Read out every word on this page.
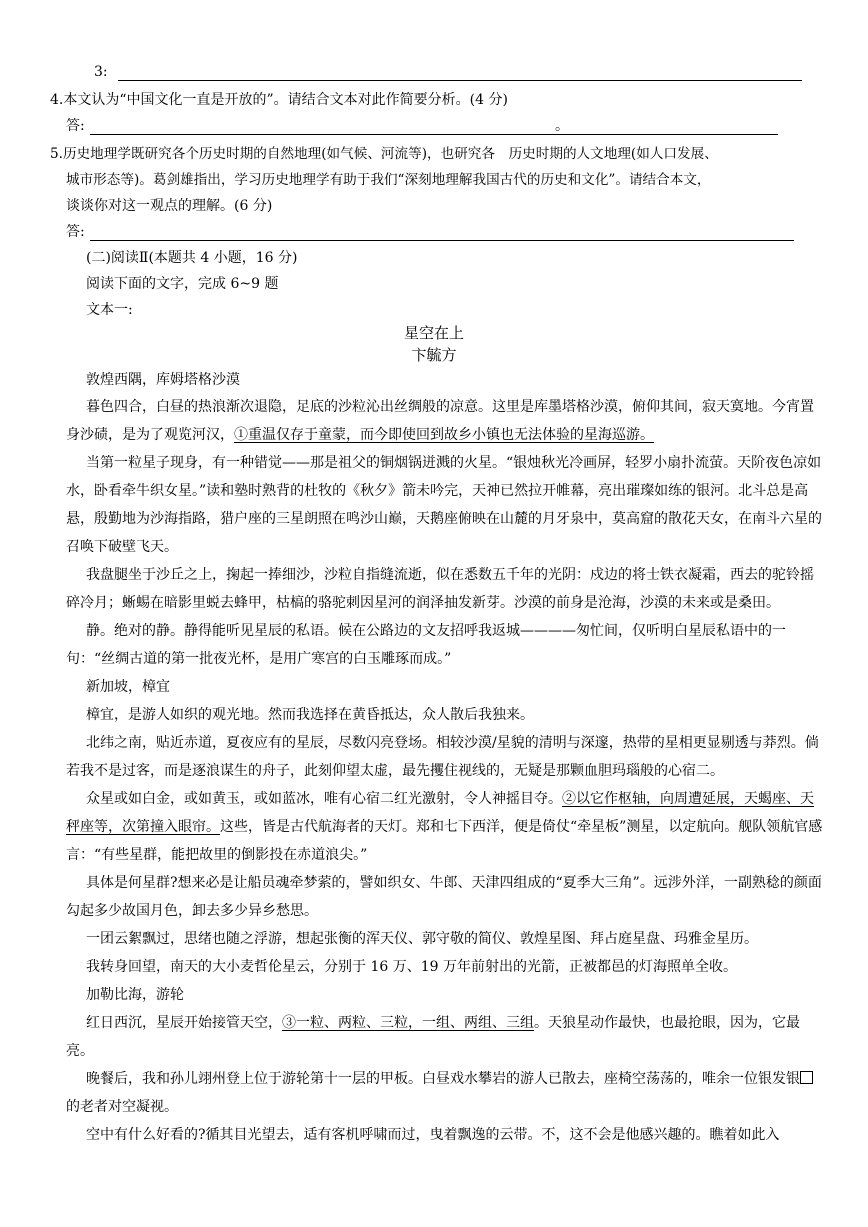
3:
4.本文认为“中国文化一直是开放的”。请结合文本对此作简要分析。(4 分)
答:	。
5.历史地理学既研究各个历史时期的自然地理(如气候、河流等)，也研究各　历史时期的人文地理(如人口发展、
城市形态等)。葛剑雄指出，学习历史地理学有助于我们“深刻地理解我国古代的历史和文化”。请结合本文，
谈谈你对这一观点的理解。(6 分)
答:
(二)阅读Ⅱ(本题共 4 小题，16 分)
阅读下面的文字，完成 6~9 题
文本一:
星空在上
卞毓方
敦煌西隅，库姆塔格沙漠

暮色四合，白昼的热浪渐次退隐，足底的沙粒沁出丝绸般的凉意。这里是库墨塔格沙漠，俯仰其间，寂天寞地。今宵置身沙碛，是为了观览河汉，①重温仅存于童蒙，而今即使回到故乡小镇也无法体验的星海巡游。

当第一粒星子现身，有一种错觉——那是祖父的铜烟锅迸溅的火星。“银烛秋光冷画屏，轻罗小扇扑流萤。天阶夜色凉如水，卧看牵牛织女星。”读和塾时熟背的杜牧的《秋夕》箭未吟完，天神已然拉开帷幕，亮出璀璨如练的银河。北斗总是高悬，殷勤地为沙海指路，猎户座的三星朗照在鸣沙山巅，天鹅座俯映在山麓的月牙泉中，莫高窟的散花天女，在南斗六星的召唤下破壁飞天。

我盘腿坐于沙丘之上，掬起一捧细沙，沙粒自指缝流逝，似在悉数五千年的光阴：戍边的将士铁衣凝霜，西去的驼铃摇碎冷月；蜥蜴在暗影里蜕去蜂甲，枯槁的骆驼刺因星河的润泽抽发新芽。沙漠的前身是沧海，沙漠的未来或是桑田。

静。绝对的静。静得能听见星辰的私语。候在公路边的文友招呼我返城————匆忙间，仅听明白星辰私语中的一句：“丝绸古道的第一批夜光杯，是用广寒宫的白玉雕琢而成。”

新加坡，樟宜

樟宜，是游人如织的观光地。然而我选择在黄昏抵达，众人散后我独来。

北纬之南，贴近赤道，夏夜应有的星辰，尽数闪亮登场。相较沙漠/星貌的清明与深邃，热带的星相更显剔透与莽烈。倘若我不是过客，而是逐浪谋生的舟子，此刻仰望太虚，最先攫住视线的，无疑是那颗血胆玛瑙般的心宿二。

众星或如白金，或如黄玉，或如蓝冰，唯有心宿二红光激射，令人神摇目夺。②以它作枢轴，向周遭延展，天蝎座、天秤座等，次第撞入眼帘。这些，皆是古代航海者的天灯。郑和七下西洋，便是倚仗“牵星板”测星，以定航向。舰队领航官感言：“有些星群，能把故里的倒影投在赤道浪尖。”

具体是何星群?想来必是让船员魂牵梦萦的，譬如织女、牛郎、天津四组成的“夏季大三角”。远涉外洋，一副熟稔的颜面勾起多少故国月色，卸去多少异乡愁思。

一团云絮飘过，思绪也随之浮游，想起张衡的浑天仪、郭守敬的简仪、敦煌星图、拜占庭星盘、玛雅金星历。

我转身回望，南天的大小麦哲伦星云，分别于 16 万、19 万年前射出的光箭，正被都邑的灯海照单全收。

加勒比海，游轮

红日西沉，星辰开始接管天空，③一粒、两粒、三粒，一组、两组、三组。天狼星动作最快，也最抢眼，因为，它最亮。

晚餐后，我和孙儿翊州登上位于游轮第十一层的甲板。白昼戏水攀岩的游人已散去，座椅空荡荡的，唯余一位银发银的老者对空凝视。

空中有什么好看的?循其目光望去，适有客机呼啸而过，曳着飘逸的云带。不，这不会是他感兴趣的。瞧着如此入
